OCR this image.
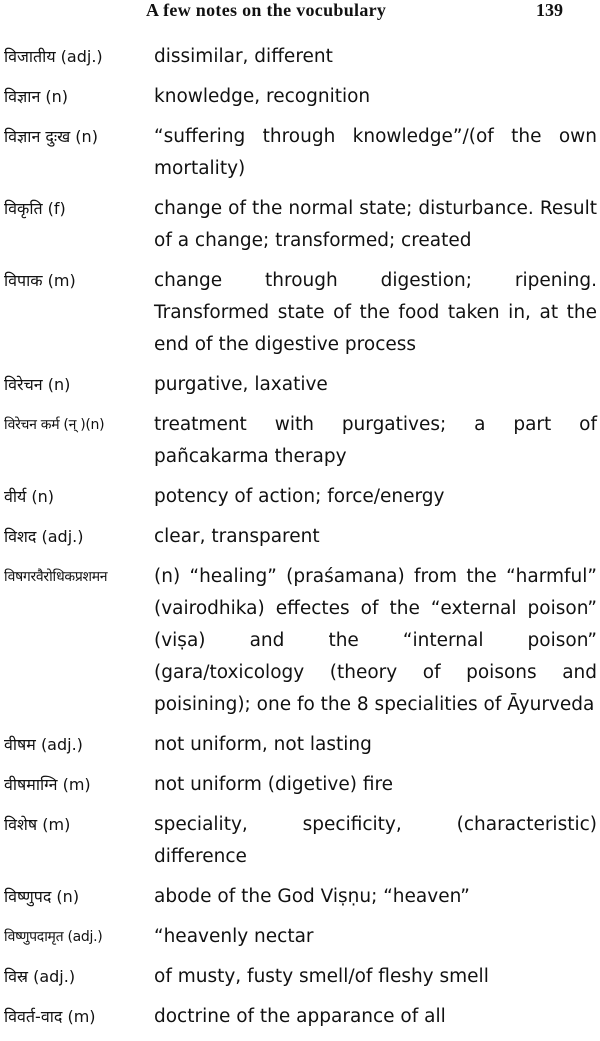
A few notes on the vocubulary	139
विजातीय (adj.)	dissimilar, different
विज्ञान (n)	knowledge, recognition
विज्ञान दुःख (n)	“suffering through knowledge”/(of the own mortality)
विकृति (f)	change of the normal state; disturbance. Result of a change; transformed; created
विपाक (m)	change through digestion; ripening. Transformed state of the food taken in, at the end of the digestive process
विरेचन (n)	purgative, laxative
विरेचन कर्म (न् )(n)	treatment with purgatives; a part of pañcakarma therapy
वीर्य (n)	potency of action; force/energy
विशद (adj.)	clear, transparent
विषगरवैरोधिकप्रशमन	(n) “healing” (praśamana) from the “harmful” (vairodhika) effectes of the “external poison” (viṣa) and the “internal poison” (gara/toxicology (theory of poisons and poisining); one fo the 8 specialities of Āyurveda
वीषम (adj.)	not uniform, not lasting
वीषमाग्नि (m)	not uniform (digetive) fire
विशेष (m)	speciality, specificity, (characteristic) difference
विष्णुपद (n)	abode of the God Viṣṇu; “heaven”
विष्णुपदामृत (adj.)	“heavenly nectar
विस्र (adj.)	of musty, fusty smell/of fleshy smell
विवर्त-वाद (m)	doctrine of the apparance of all
